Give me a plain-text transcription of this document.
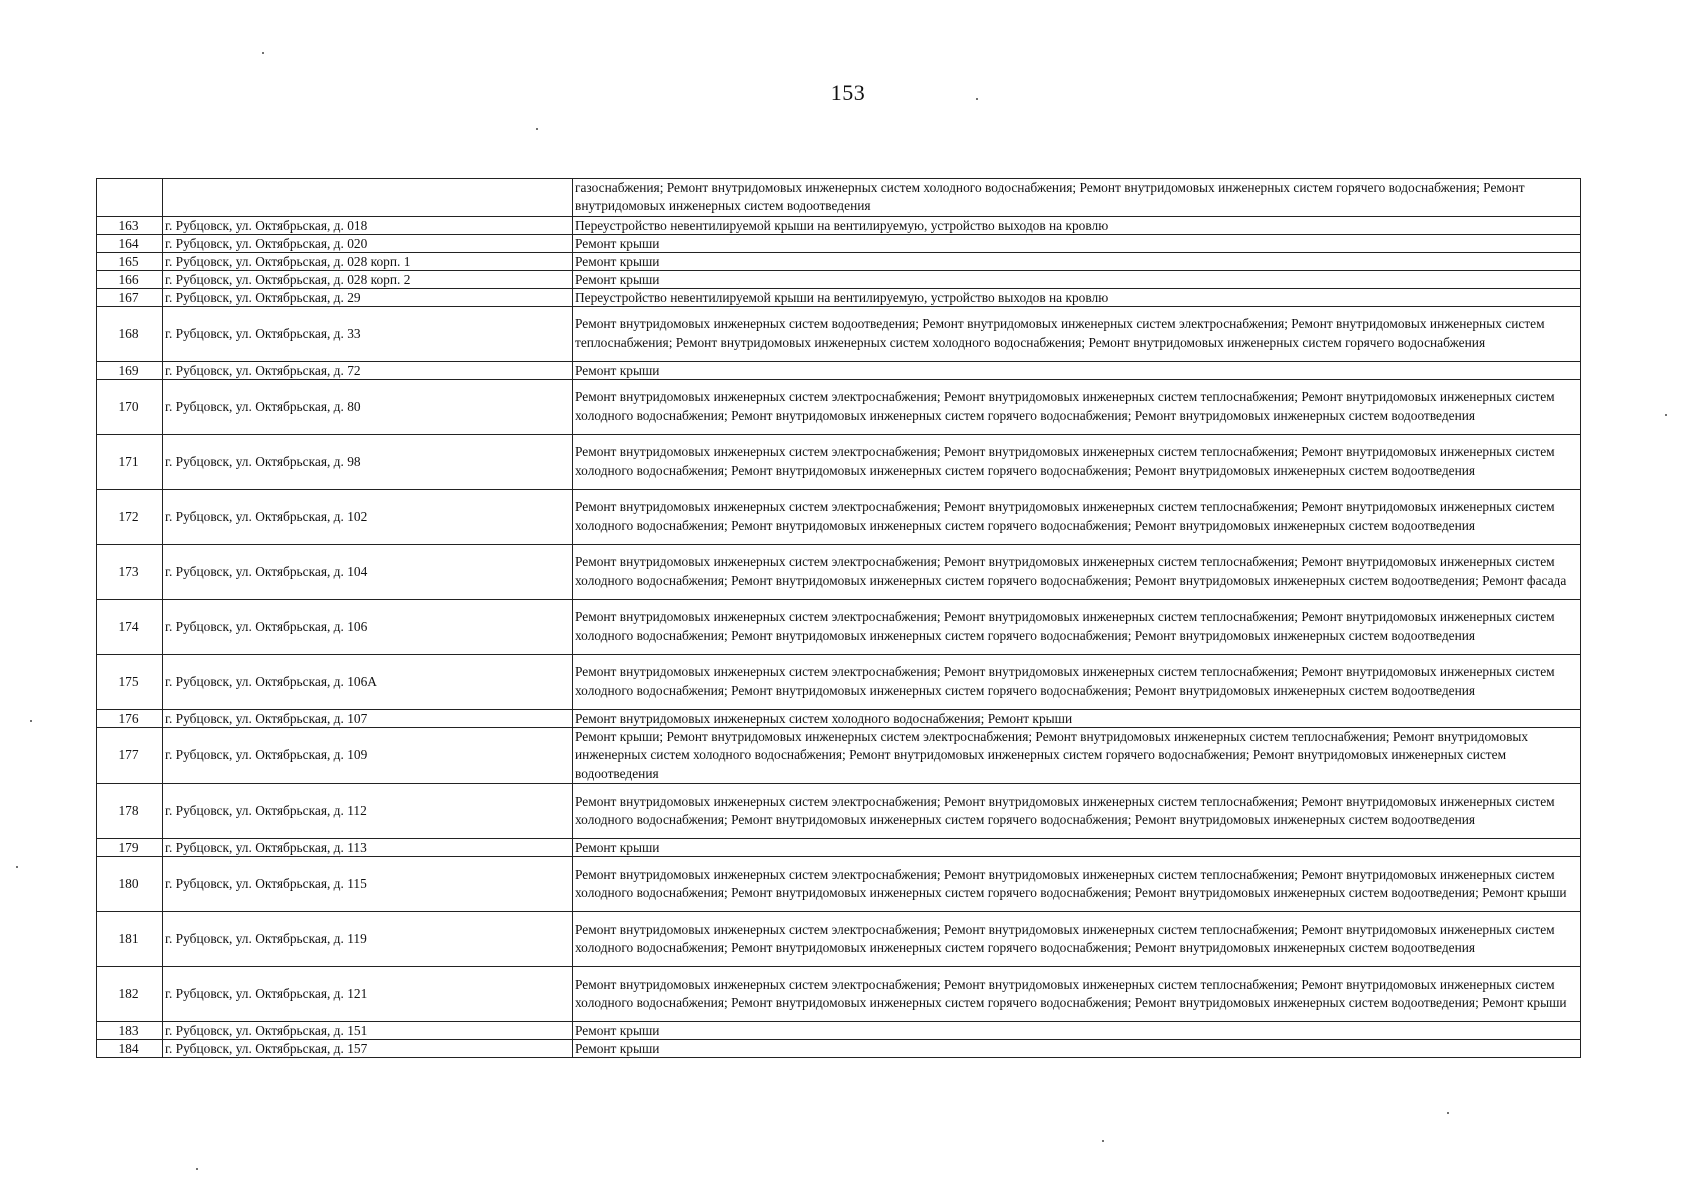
153
		газоснабжения; Ремонт внутридомовых инженерных систем холодного водоснабжения; Ремонт внутридомовых инженерных систем горячего водоснабжения; Ремонт внутридомовых инженерных систем водоотведения
163	г. Рубцовск, ул. Октябрьская, д. 018	Переустройство невентилируемой крыши на вентилируемую, устройство выходов на кровлю
164	г. Рубцовск, ул. Октябрьская, д. 020	Ремонт крыши
165	г. Рубцовск, ул. Октябрьская, д. 028 корп. 1	Ремонт крыши
166	г. Рубцовск, ул. Октябрьская, д. 028 корп. 2	Ремонт крыши
167	г. Рубцовск, ул. Октябрьская, д. 29	Переустройство невентилируемой крыши на вентилируемую, устройство выходов на кровлю
168	г. Рубцовск, ул. Октябрьская, д. 33	Ремонт внутридомовых инженерных систем водоотведения; Ремонт внутридомовых инженерных систем электроснабжения; Ремонт внутридомовых инженерных систем теплоснабжения; Ремонт внутридомовых инженерных систем холодного водоснабжения; Ремонт внутридомовых инженерных систем горячего водоснабжения
169	г. Рубцовск, ул. Октябрьская, д. 72	Ремонт крыши
170	г. Рубцовск, ул. Октябрьская, д. 80	Ремонт внутридомовых инженерных систем электроснабжения; Ремонт внутридомовых инженерных систем теплоснабжения; Ремонт внутридомовых инженерных систем холодного водоснабжения; Ремонт внутридомовых инженерных систем горячего водоснабжения; Ремонт внутридомовых инженерных систем водоотведения
171	г. Рубцовск, ул. Октябрьская, д. 98	Ремонт внутридомовых инженерных систем электроснабжения; Ремонт внутридомовых инженерных систем теплоснабжения; Ремонт внутридомовых инженерных систем холодного водоснабжения; Ремонт внутридомовых инженерных систем горячего водоснабжения; Ремонт внутридомовых инженерных систем водоотведения
172	г. Рубцовск, ул. Октябрьская, д. 102	Ремонт внутридомовых инженерных систем электроснабжения; Ремонт внутридомовых инженерных систем теплоснабжения; Ремонт внутридомовых инженерных систем холодного водоснабжения; Ремонт внутридомовых инженерных систем горячего водоснабжения; Ремонт внутридомовых инженерных систем водоотведения
173	г. Рубцовск, ул. Октябрьская, д. 104	Ремонт внутридомовых инженерных систем электроснабжения; Ремонт внутридомовых инженерных систем теплоснабжения; Ремонт внутридомовых инженерных систем холодного водоснабжения; Ремонт внутридомовых инженерных систем горячего водоснабжения; Ремонт внутридомовых инженерных систем водоотведения; Ремонт фасада
174	г. Рубцовск, ул. Октябрьская, д. 106	Ремонт внутридомовых инженерных систем электроснабжения; Ремонт внутридомовых инженерных систем теплоснабжения; Ремонт внутридомовых инженерных систем холодного водоснабжения; Ремонт внутридомовых инженерных систем горячего водоснабжения; Ремонт внутридомовых инженерных систем водоотведения
175	г. Рубцовск, ул. Октябрьская, д. 106А	Ремонт внутридомовых инженерных систем электроснабжения; Ремонт внутридомовых инженерных систем теплоснабжения; Ремонт внутридомовых инженерных систем холодного водоснабжения; Ремонт внутридомовых инженерных систем горячего водоснабжения; Ремонт внутридомовых инженерных систем водоотведения
176	г. Рубцовск, ул. Октябрьская, д. 107	Ремонт внутридомовых инженерных систем холодного водоснабжения; Ремонт крыши
177	г. Рубцовск, ул. Октябрьская, д. 109	Ремонт крыши; Ремонт внутридомовых инженерных систем электроснабжения; Ремонт внутридомовых инженерных систем теплоснабжения; Ремонт внутридомовых инженерных систем холодного водоснабжения; Ремонт внутридомовых инженерных систем горячего водоснабжения; Ремонт внутридомовых инженерных систем водоотведения
178	г. Рубцовск, ул. Октябрьская, д. 112	Ремонт внутридомовых инженерных систем электроснабжения; Ремонт внутридомовых инженерных систем теплоснабжения; Ремонт внутридомовых инженерных систем холодного водоснабжения; Ремонт внутридомовых инженерных систем горячего водоснабжения; Ремонт внутридомовых инженерных систем водоотведения
179	г. Рубцовск, ул. Октябрьская, д. 113	Ремонт крыши
180	г. Рубцовск, ул. Октябрьская, д. 115	Ремонт внутридомовых инженерных систем электроснабжения; Ремонт внутридомовых инженерных систем теплоснабжения; Ремонт внутридомовых инженерных систем холодного водоснабжения; Ремонт внутридомовых инженерных систем горячего водоснабжения; Ремонт внутридомовых инженерных систем водоотведения; Ремонт крыши
181	г. Рубцовск, ул. Октябрьская, д. 119	Ремонт внутридомовых инженерных систем электроснабжения; Ремонт внутридомовых инженерных систем теплоснабжения; Ремонт внутридомовых инженерных систем холодного водоснабжения; Ремонт внутридомовых инженерных систем горячего водоснабжения; Ремонт внутридомовых инженерных систем водоотведения
182	г. Рубцовск, ул. Октябрьская, д. 121	Ремонт внутридомовых инженерных систем электроснабжения; Ремонт внутридомовых инженерных систем теплоснабжения; Ремонт внутридомовых инженерных систем холодного водоснабжения; Ремонт внутридомовых инженерных систем горячего водоснабжения; Ремонт внутридомовых инженерных систем водоотведения; Ремонт крыши
183	г. Рубцовск, ул. Октябрьская, д. 151	Ремонт крыши
184	г. Рубцовск, ул. Октябрьская, д. 157	Ремонт крыши
